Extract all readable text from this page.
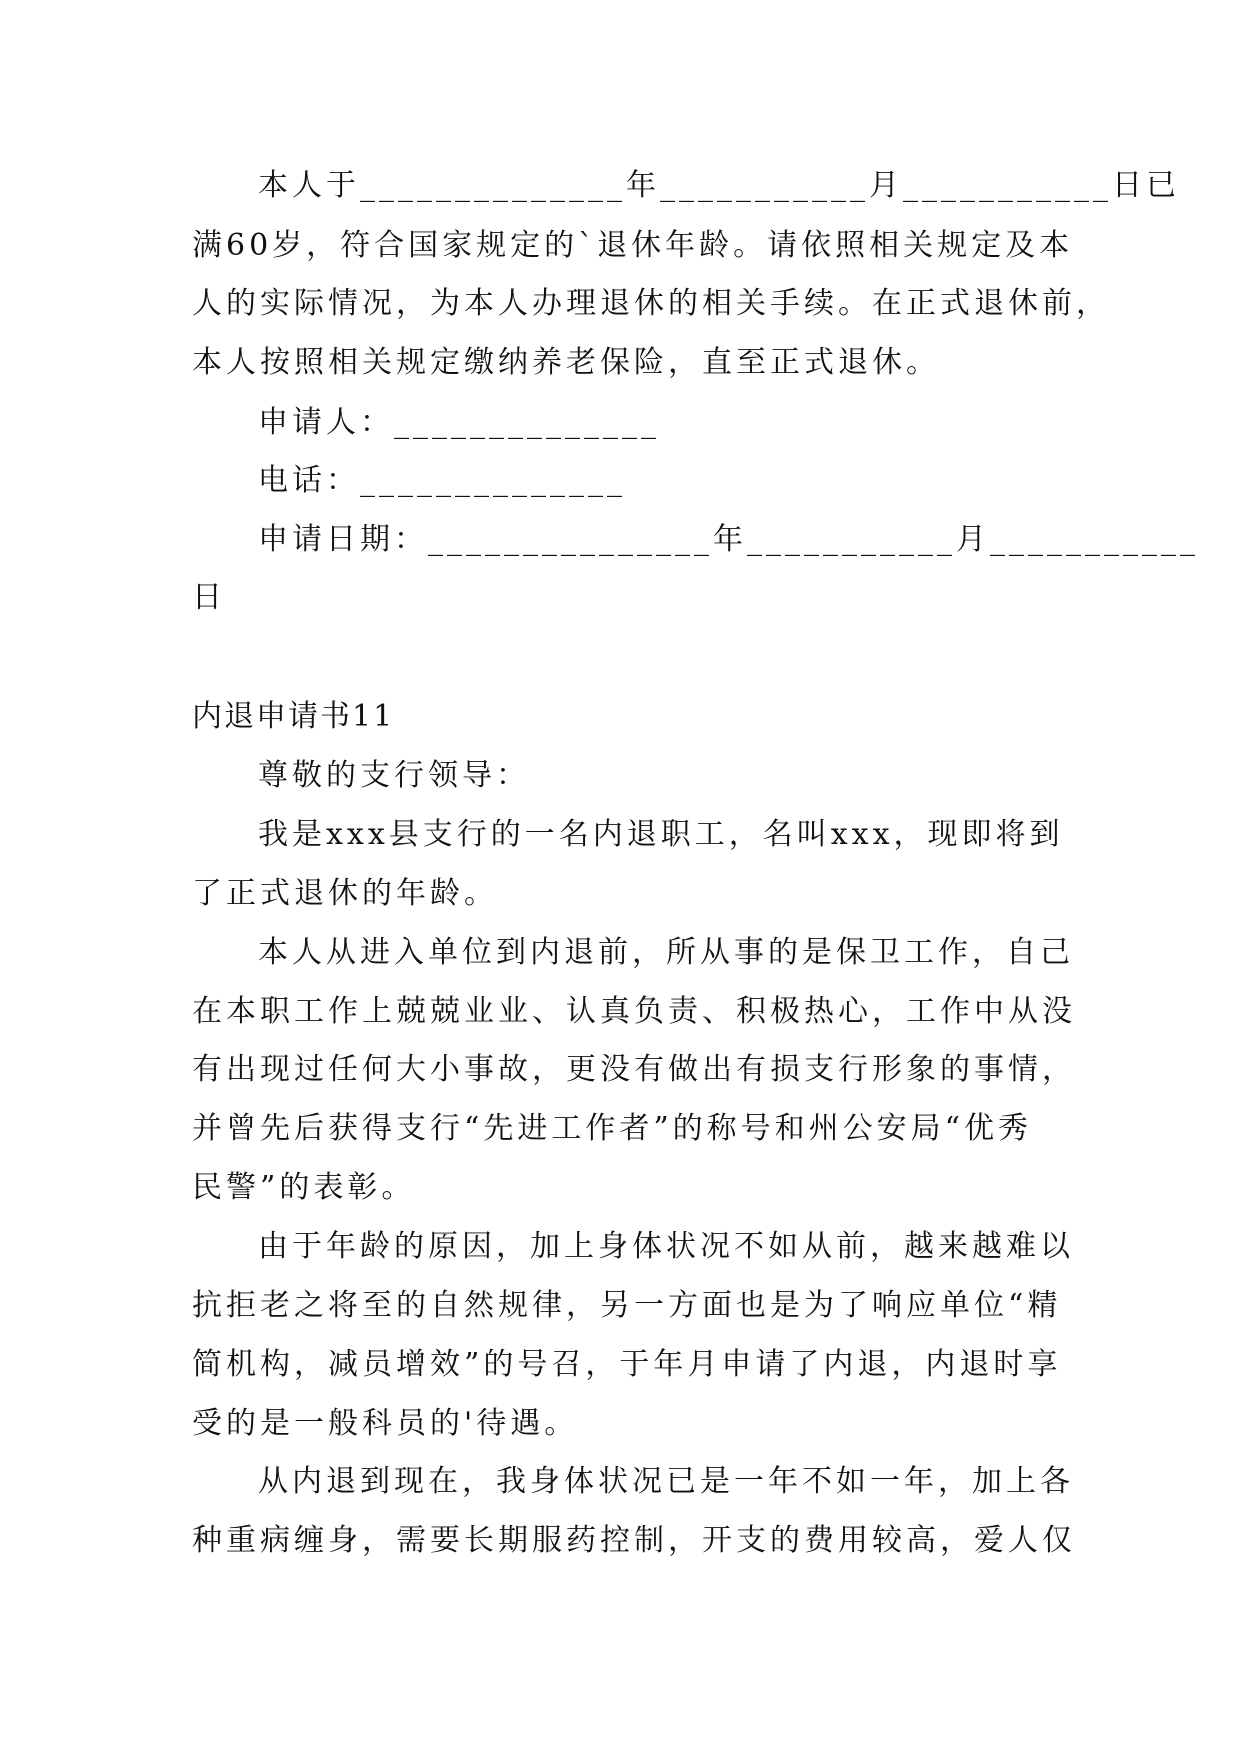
本人于______________年___________月___________日已
满60岁，符合国家规定的`退休年龄。请依照相关规定及本
人的实际情况，为本人办理退休的相关手续。在正式退休前，
本人按照相关规定缴纳养老保险，直至正式退休。
申请人：______________
电话：______________
申请日期：_______________年___________月___________
日
内退申请书11
尊敬的支行领导：
我是xxx县支行的一名内退职工，名叫xxx，现即将到
了正式退休的年龄。
本人从进入单位到内退前，所从事的是保卫工作，自己
在本职工作上兢兢业业、认真负责、积极热心，工作中从没
有出现过任何大小事故，更没有做出有损支行形象的事情，
并曾先后获得支行“先进工作者”的称号和州公安局“优秀
民警”的表彰。
由于年龄的原因，加上身体状况不如从前，越来越难以
抗拒老之将至的自然规律，另一方面也是为了响应单位“精
简机构，减员增效”的号召，于年月申请了内退，内退时享
受的是一般科员的'待遇。
从内退到现在，我身体状况已是一年不如一年，加上各
种重病缠身，需要长期服药控制，开支的费用较高，爱人仅
